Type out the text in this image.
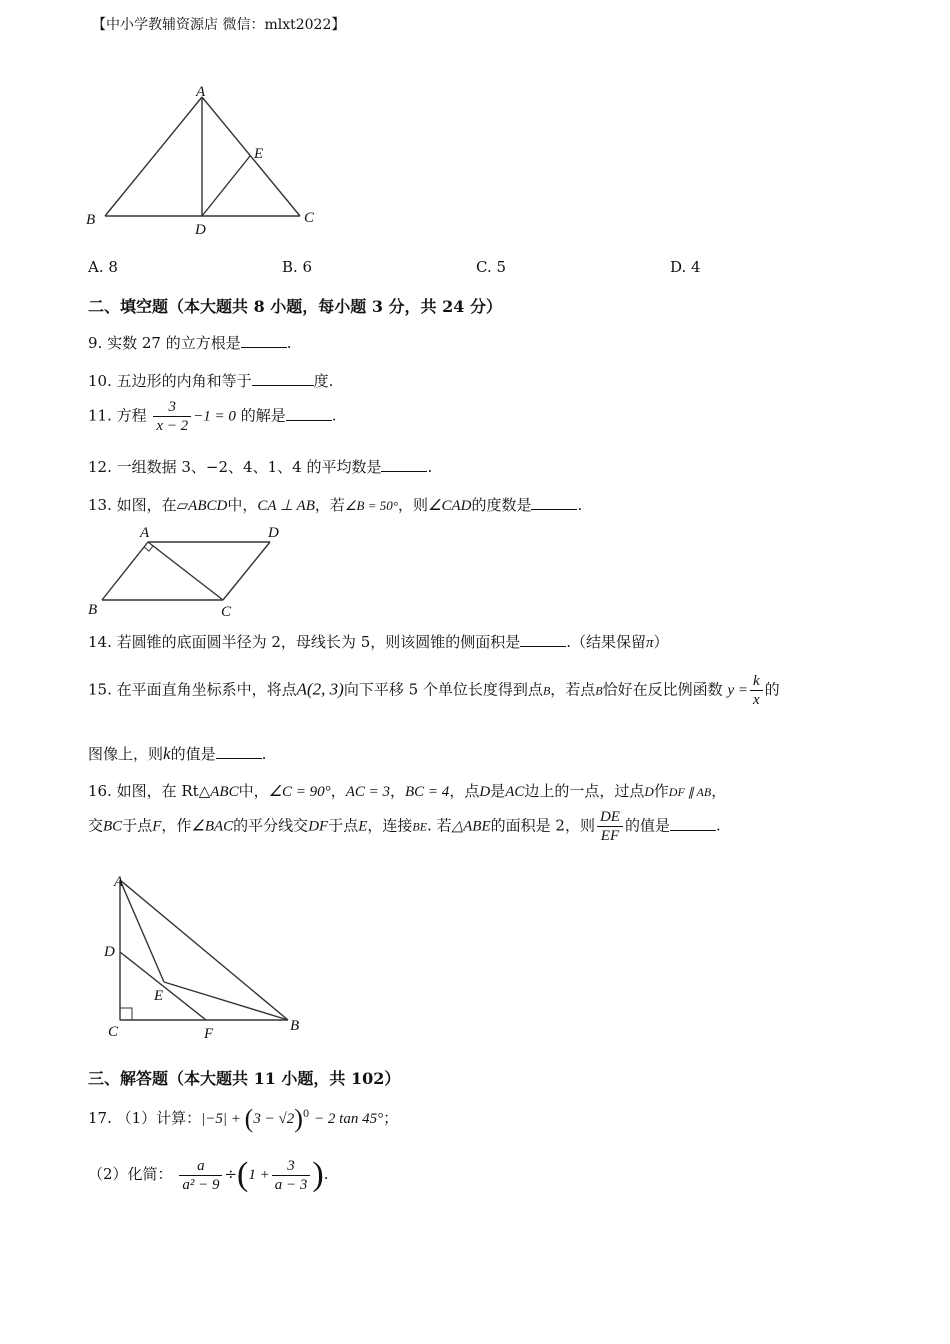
【中小学教辅资源店 微信：mlxt2022】
A
B	C
D
E
A. 8	B. 6	C. 5	D. 4
二、填空题（本大题共 8 小题，每小题 3 分，共 24 分）
9. 实数 27 的立方根是	.
10. 五边形的内角和等于	度.
11. 方程 $\frac{3}{x - 2} -1 = 0$ 的解是	.
12. 一组数据 3、−2、4、1、4 的平均数是	.
13. 如图，在▱ABCD中，CA ⊥ AB，若∠B = 50°，则∠CAD的度数是	.
A	D
B	C
14. 若圆锥的底面圆半径为 2，母线长为 5，则该圆锥的侧面积是	.（结果保留π）
15. 在平面直角坐标系中，将点A(2, 3)向下平移 5 个单位长度得到点B，若点B恰好在反比例函数 $y = \frac{k}{x}$ 的
图像上，则k的值是	.
16. 如图，在 Rt△ABC中，∠C = 90°，AC = 3，BC = 4，点D是AC边上的一点，过点D作DF ∥ AB，
交BC于点F，作∠BAC的平分线交DF于点E，连接BE. 若△ABE的面积是 2，则 $\frac{DE}{EF}$ 的值是	.
A
D
E
C	F	B
三、解答题（本大题共 11 小题，共 102）
17. （1）计算：$|-5| + (3 - √2)^0 - 2$ tan 45°；
（2）化简： $\frac{a}{\text{a² − 9}} \div(1 + \frac{3}{a - 3}$ ).
